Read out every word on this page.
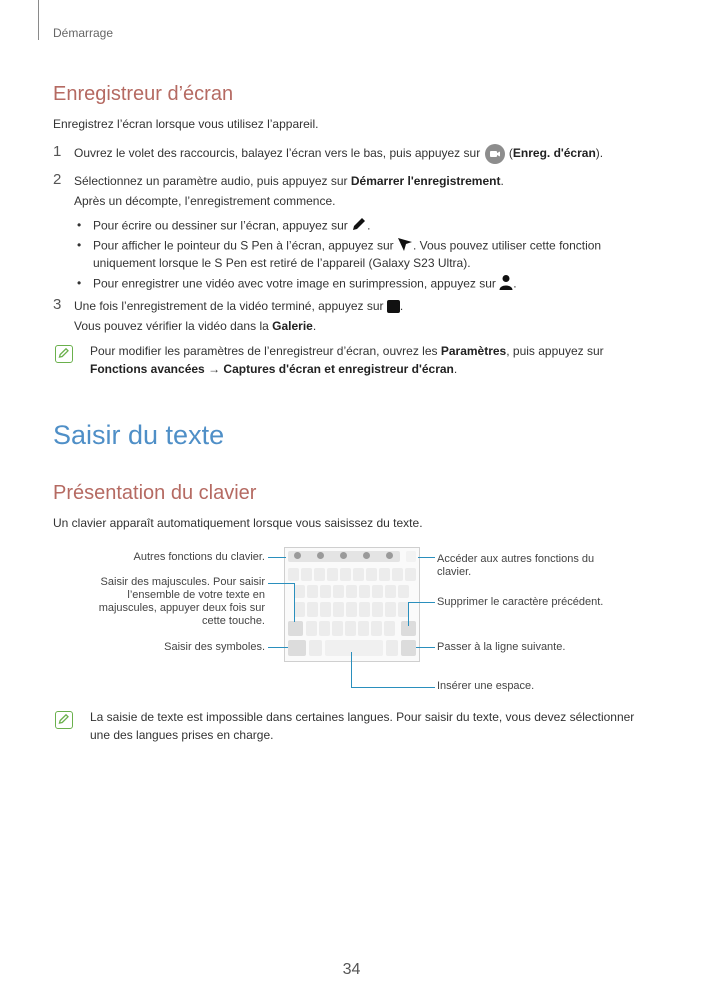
Démarrage
Enregistreur d’écran
Enregistrez l’écran lorsque vous utilisez l’appareil.
1 Ouvrez le volet des raccourcis, balayez l’écran vers le bas, puis appuyez sur (Enreg. d'écran).
2 Sélectionnez un paramètre audio, puis appuyez sur Démarrer l'enregistrement.
Après un décompte, l’enregistrement commence.
• Pour écrire ou dessiner sur l’écran, appuyez sur .
• Pour afficher le pointeur du S Pen à l’écran, appuyez sur . Vous pouvez utiliser cette fonction
uniquement lorsque le S Pen est retiré de l’appareil (Galaxy S23 Ultra).
• Pour enregistrer une vidéo avec votre image en surimpression, appuyez sur .
3 Une fois l’enregistrement de la vidéo terminé, appuyez sur .
Vous pouvez vérifier la vidéo dans la Galerie.
Pour modifier les paramètres de l’enregistreur d’écran, ouvrez les Paramètres, puis appuyez sur
Fonctions avancées → Captures d'écran et enregistreur d'écran.
Saisir du texte
Présentation du clavier
Un clavier apparaît automatiquement lorsque vous saisissez du texte.
Autres fonctions du clavier.
Saisir des majuscules. Pour saisir
l’ensemble de votre texte en
majuscules, appuyer deux fois sur
cette touche.
Saisir des symboles.
Accéder aux autres fonctions du
clavier.
Supprimer le caractère précédent.
Passer à la ligne suivante.
Insérer une espace.
La saisie de texte est impossible dans certaines langues. Pour saisir du texte, vous devez sélectionner
une des langues prises en charge.
34
